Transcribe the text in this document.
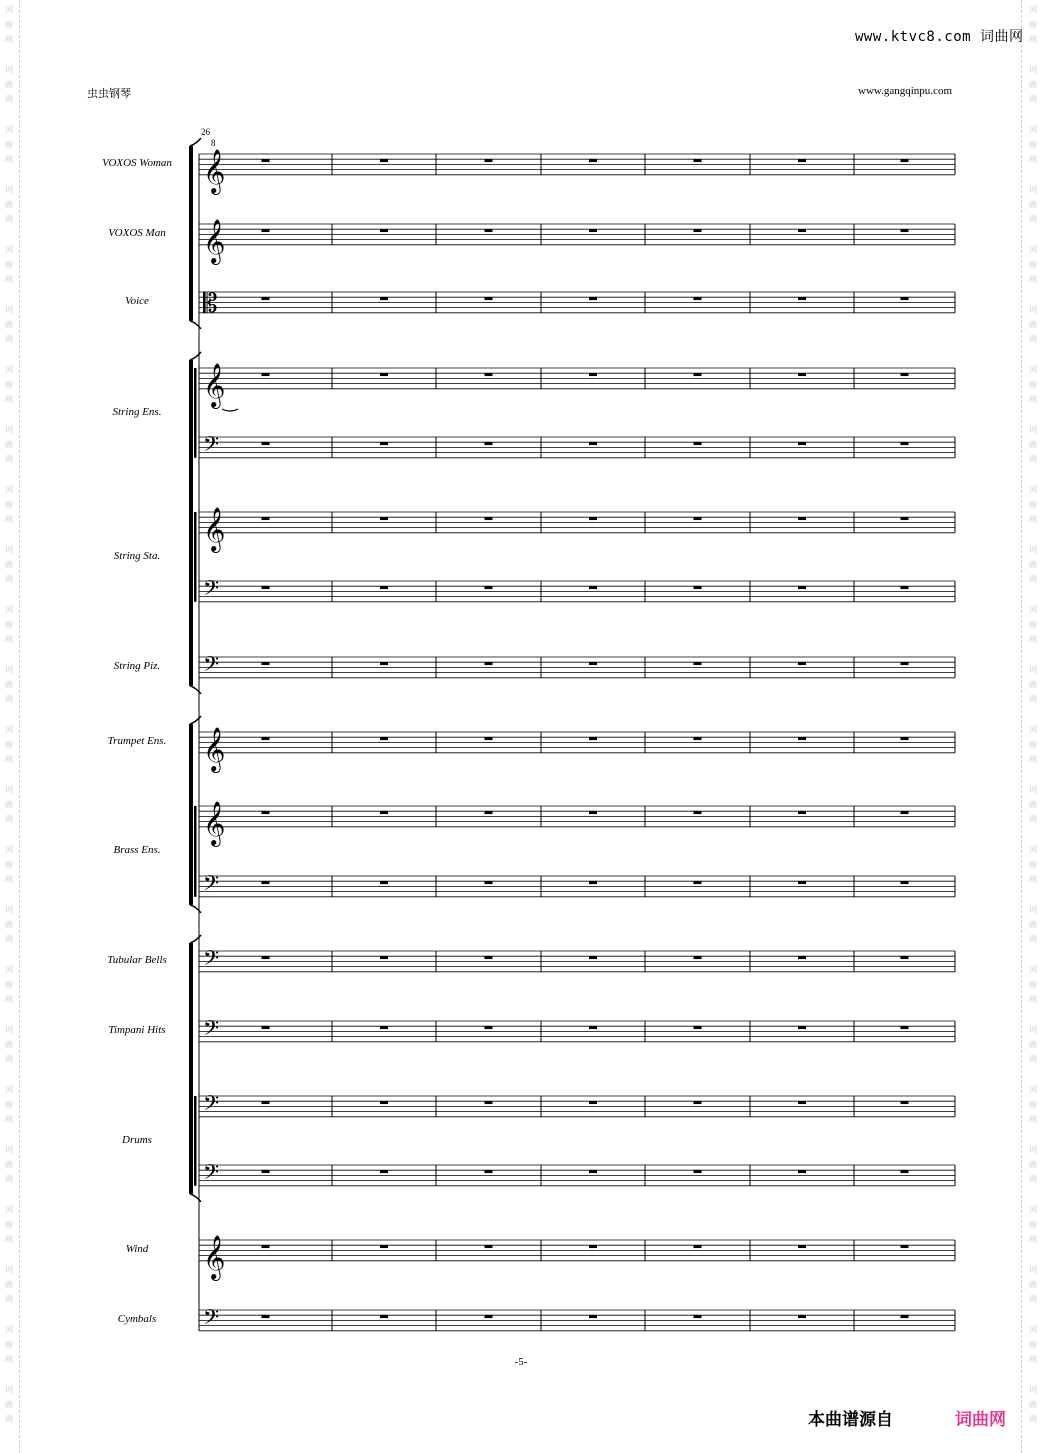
词
曲
网
词
曲
网
词
曲
网
词
曲
网
词
曲
网
词
曲
网
词
曲
网
词
曲
网
词
曲
网
词
曲
网
词
曲
网
词
曲
网
词
曲
网
词
曲
网
词
曲
网
词
曲
网
词
曲
网
词
曲
网
词
曲
网
词
曲
网
词
曲
网
词
曲
网
词
曲
网
词
曲
网
词
曲
网
词
曲
网
词
曲
网
词
曲
网
词
曲
网
词
曲
网
词
曲
网
词
曲
网
词
曲
网
词
曲
网
词
曲
网
词
曲
网
词
曲
网
词
曲
网
词
曲
网
词
曲
网
词
曲
网
词
曲
网
词
曲
网
词
曲
网
词
曲
网
词
曲
网
词
曲
网
词
曲
网
www.ktvc8.com 词曲网
虫虫钢琴	www.gangqinpu.com
26
VOXOS Woman
VOXOS Man
Voice
String Ens.
String Sta.
String Piz.
Trumpet Ens.
Brass Ens.
Tubular Bells
Timpani Hits
Drums
Wind
Cymbals
𝄞
8
𝄞
𝄡
𝄞
𝄢
𝄞
𝄢
𝄢
𝄞
𝄞
𝄢
𝄢
𝄢
𝄢
𝄢
𝄞
𝄢
-5-
本曲谱源自	词曲网
